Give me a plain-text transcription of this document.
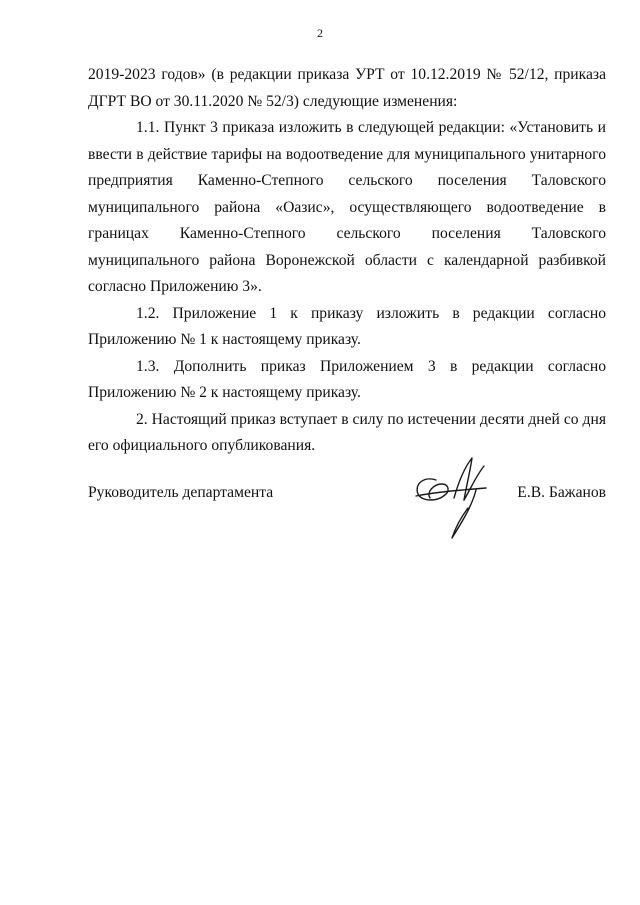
2

2019-2023 годов» (в редакции приказа УРТ от 10.12.2019 № 52/12, приказа ДГРТ ВО от 30.11.2020 № 52/3) следующие изменения:

1.1. Пункт 3 приказа изложить в следующей редакции: «Установить и ввести в действие тарифы на водоотведение для муниципального унитарного предприятия Каменно-Степного сельского поселения Таловского муниципального района «Оазис», осуществляющего водоотведение в границах Каменно-Степного сельского поселения Таловского муниципального района Воронежской области с календарной разбивкой согласно Приложению 3».

1.2. Приложение 1 к приказу изложить в редакции согласно Приложению № 1 к настоящему приказу.

1.3. Дополнить приказ Приложением 3 в редакции согласно Приложению № 2 к настоящему приказу.

2. Настоящий приказ вступает в силу по истечении десяти дней со дня его официального опубликования.

Руководитель департамента	Е.В. Бажанов
